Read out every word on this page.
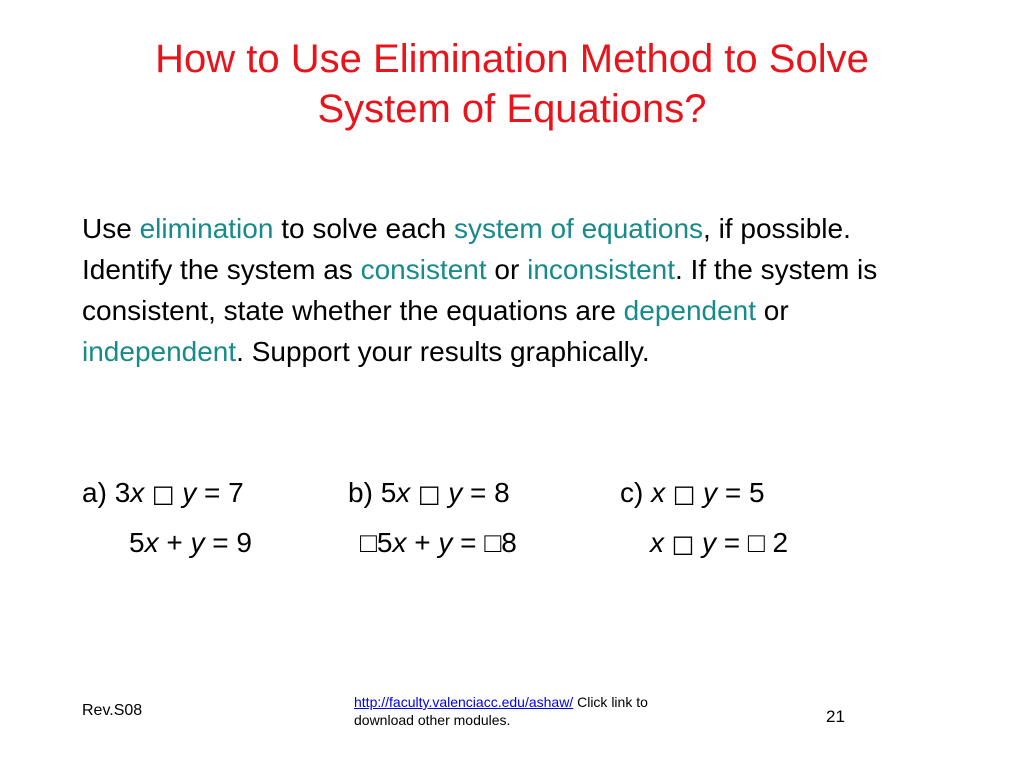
How to Use Elimination Method to Solve
System of Equations?
Use elimination to solve each system of equations, if possible. Identify the system as consistent or inconsistent. If the system is consistent, state whether the equations are dependent or independent. Support your results graphically.
a) 3x □ y = 7
5x + y = 9
b) 5x □ y = 8
□5x + y = □8
c) x □ y = 5
x □ y = □ 2
Rev.S08	http://faculty.valenciacc.edu/ashaw/ Click link to download other modules.	21
